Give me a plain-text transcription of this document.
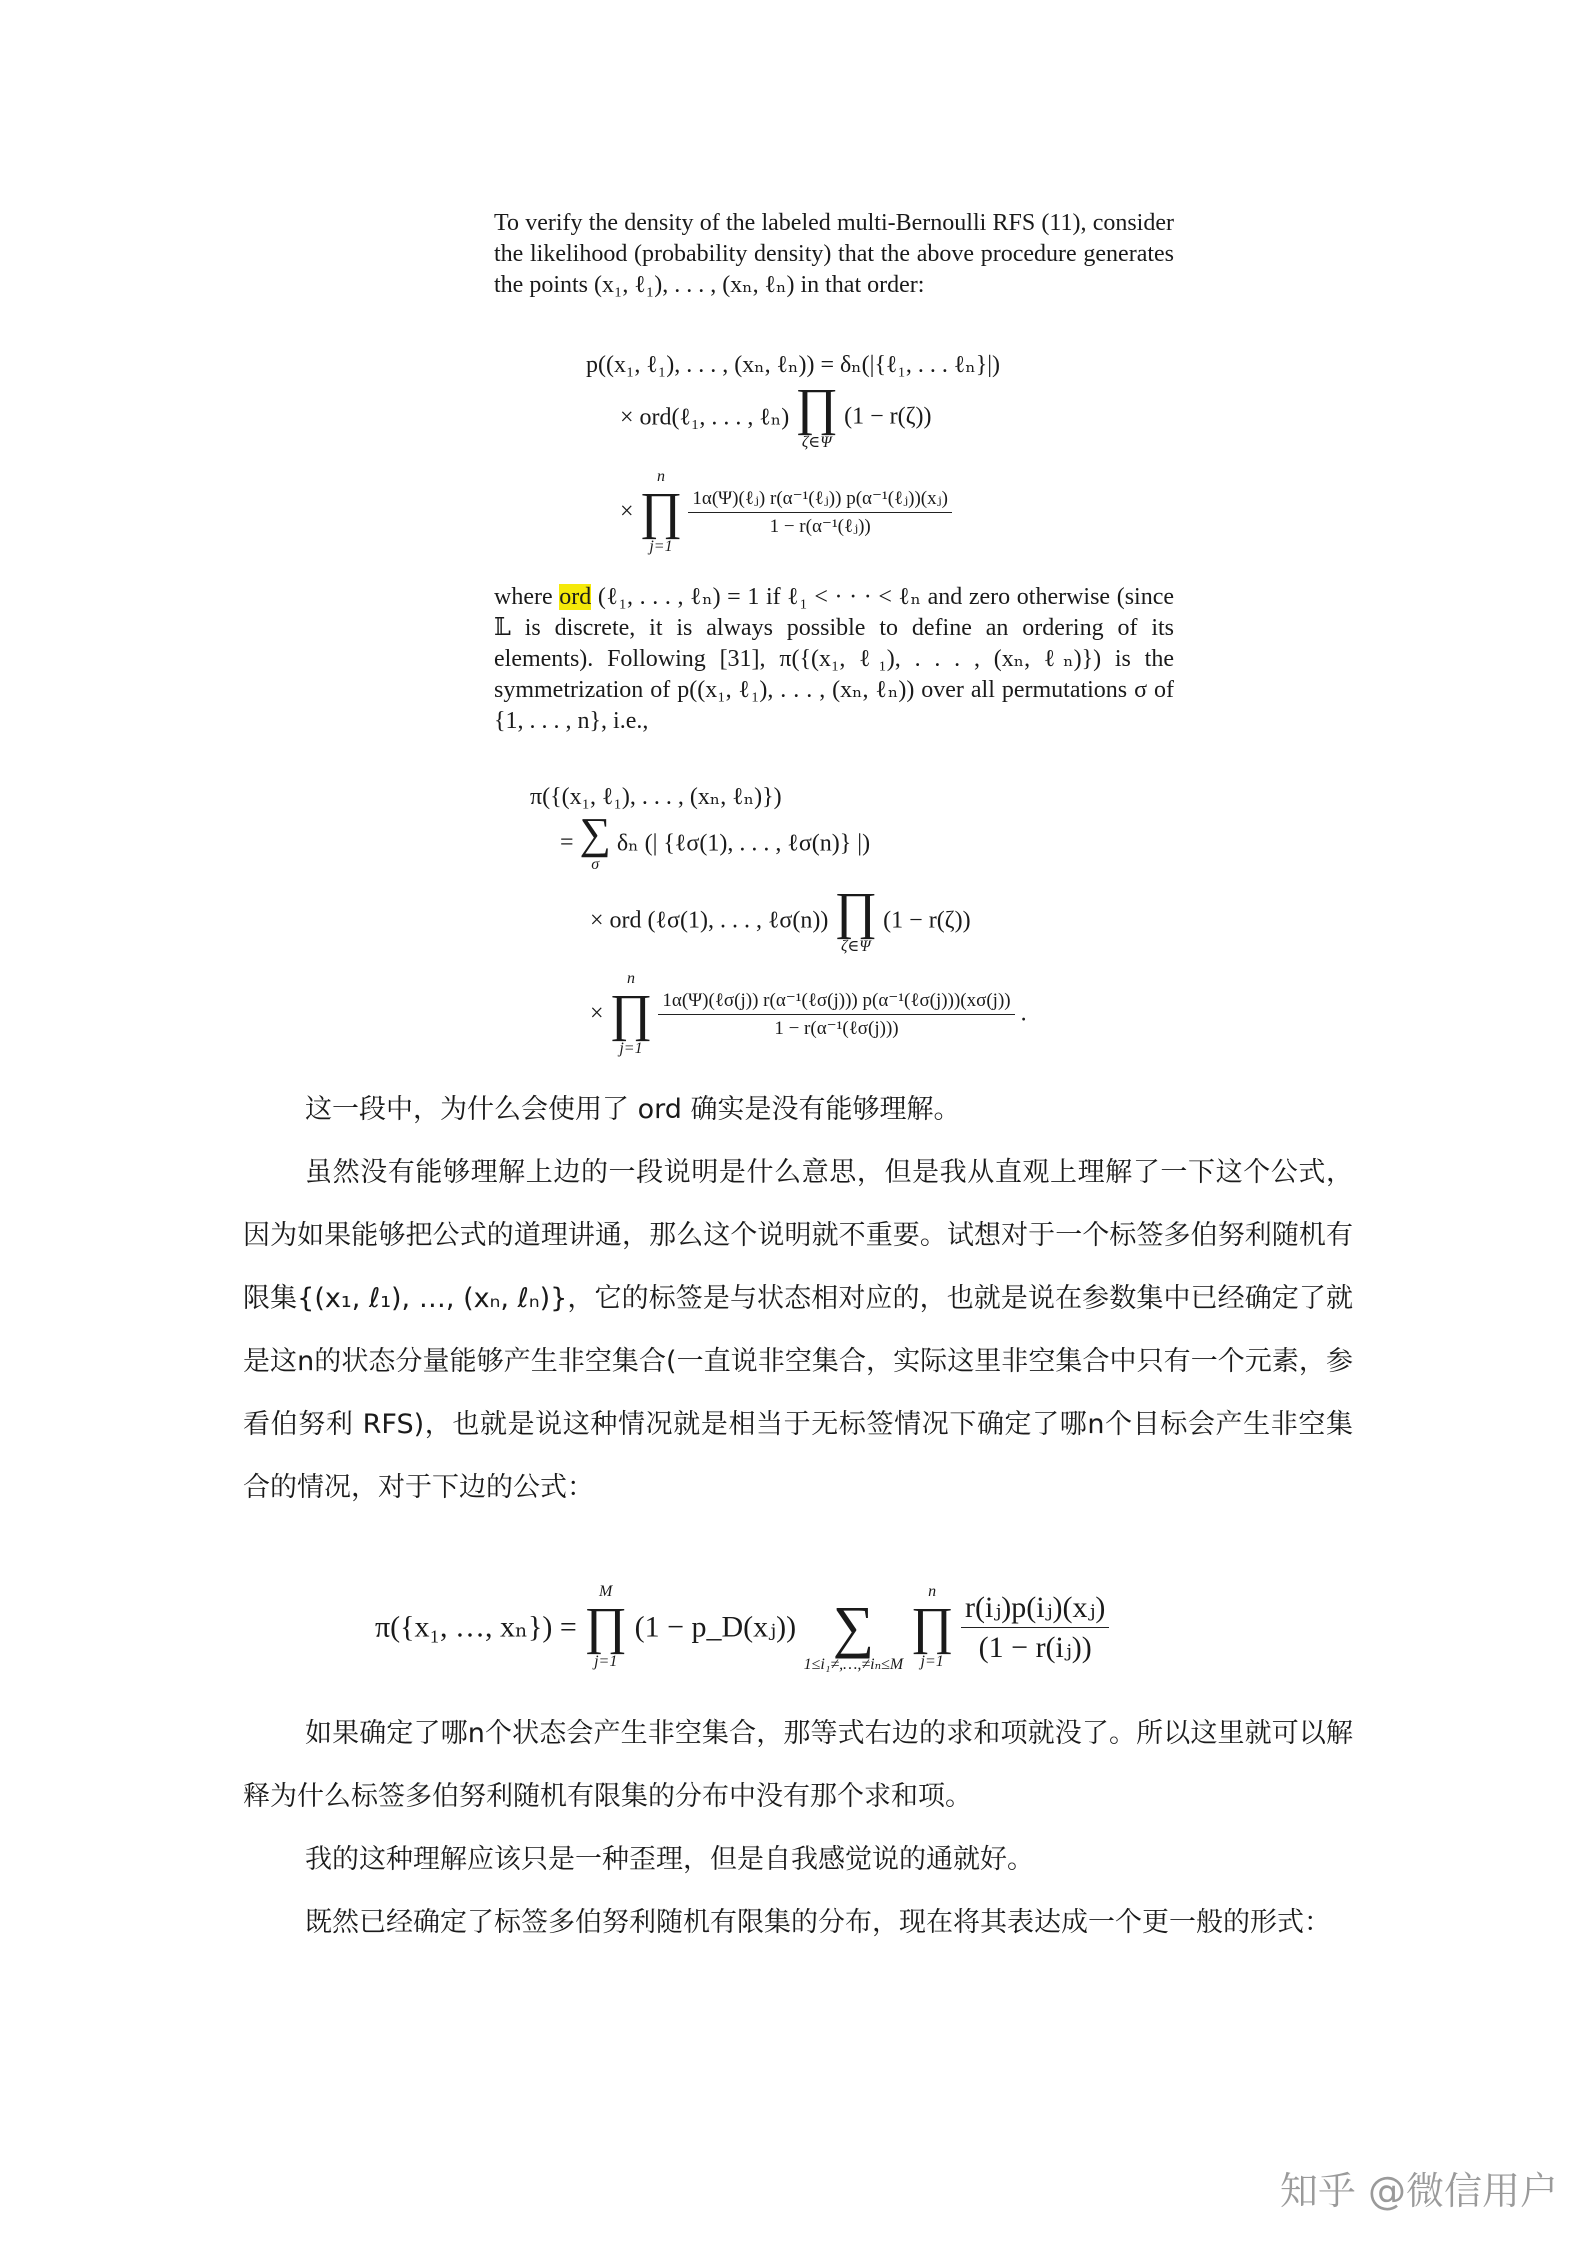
To verify the density of the labeled multi-Bernoulli RFS (11), consider the likelihood (probability density) that the above procedure generates the points (x₁, ℓ₁), . . . , (xₙ, ℓₙ) in that order:

p((x₁, ℓ₁), . . . , (xₙ, ℓₙ)) = δₙ(|{ℓ₁, . . . ℓₙ}|)
× ord(ℓ₁, . . . , ℓₙ) ∏
ζ∈Ψ
(1 − r(ζ))
×
n
∏
j=1

$\frac{\text{1α(Ψ)(ℓⱼ) r(α⁻¹(ℓⱼ)) p(α⁻¹(ℓⱼ))(xⱼ)}}{\text{1 − r(α⁻¹(ℓⱼ))}}$

where ord (ℓ₁, . . . , ℓₙ) = 1 if ℓ₁ < · · · < ℓₙ and zero otherwise (since 𝕃 is discrete, it is always possible to define an ordering of its elements). Following [31], π({(x₁, ℓ₁), . . . , (xₙ, ℓₙ)}) is the symmetrization of p((x₁, ℓ₁), . . . , (xₙ, ℓₙ)) over all permutations σ of {1, . . . , n}, i.e.,

π({(x₁, ℓ₁), . . . , (xₙ, ℓₙ)})
= ∑
σ
δₙ (| {ℓσ(1), . . . , ℓσ(n)} |)
× ord (ℓσ(1), . . . , ℓσ(n)) ∏
ζ∈Ψ
(1 − r(ζ))
×
n
∏
j=1

$\frac{\text{1α(Ψ)(ℓσ(j)) r(α⁻¹(ℓσ(j))) p(α⁻¹(ℓσ(j)))(xσ(j))}}{\text{1 − r(α⁻¹(ℓσ(j)))}}$ .

这一段中，为什么会使用了 ord 确实是没有能够理解。

虽然没有能够理解上边的一段说明是什么意思，但是我从直观上理解了一下这个公式，因为如果能够把公式的道理讲通，那么这个说明就不重要。试想对于一个标签多伯努利随机有限集{(x₁, ℓ₁), …, (xₙ, ℓₙ)}，它的标签是与状态相对应的，也就是说在参数集中已经确定了就是这n的状态分量能够产生非空集合(一直说非空集合，实际这里非空集合中只有一个元素，参看伯努利 RFS)，也就是说这种情况就是相当于无标签情况下确定了哪n个目标会产生非空集合的情况，对于下边的公式：

π({x₁, …, xₙ}) =
M
∏
j=1
(1 − p_D(xⱼ))
∑
1≤i₁≠,…,≠iₙ≤M

n
∏
j=1
$\frac{\text{r(iⱼ)p(iⱼ)(xⱼ)}}{\text{(1 − r(iⱼ))}}$

如果确定了哪n个状态会产生非空集合，那等式右边的求和项就没了。所以这里就可以解释为什么标签多伯努利随机有限集的分布中没有那个求和项。

我的这种理解应该只是一种歪理，但是自我感觉说的通就好。

既然已经确定了标签多伯努利随机有限集的分布，现在将其表达成一个更一般的形式：

知乎 @微信用户
